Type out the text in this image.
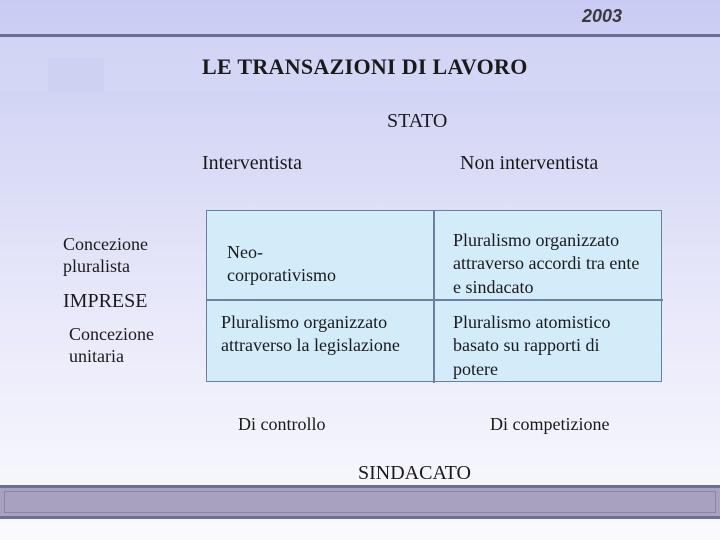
2003
LE TRANSAZIONI DI LAVORO
STATO
Interventista	Non interventista
Concezione pluralista
IMPRESE
Concezione unitaria
Neo-corporativismo
Pluralismo organizzato attraverso accordi tra ente e sindacato
Pluralismo organizzato attraverso la legislazione
Pluralismo atomistico basato su rapporti di potere
Di controllo	Di competizione
SINDACATO
